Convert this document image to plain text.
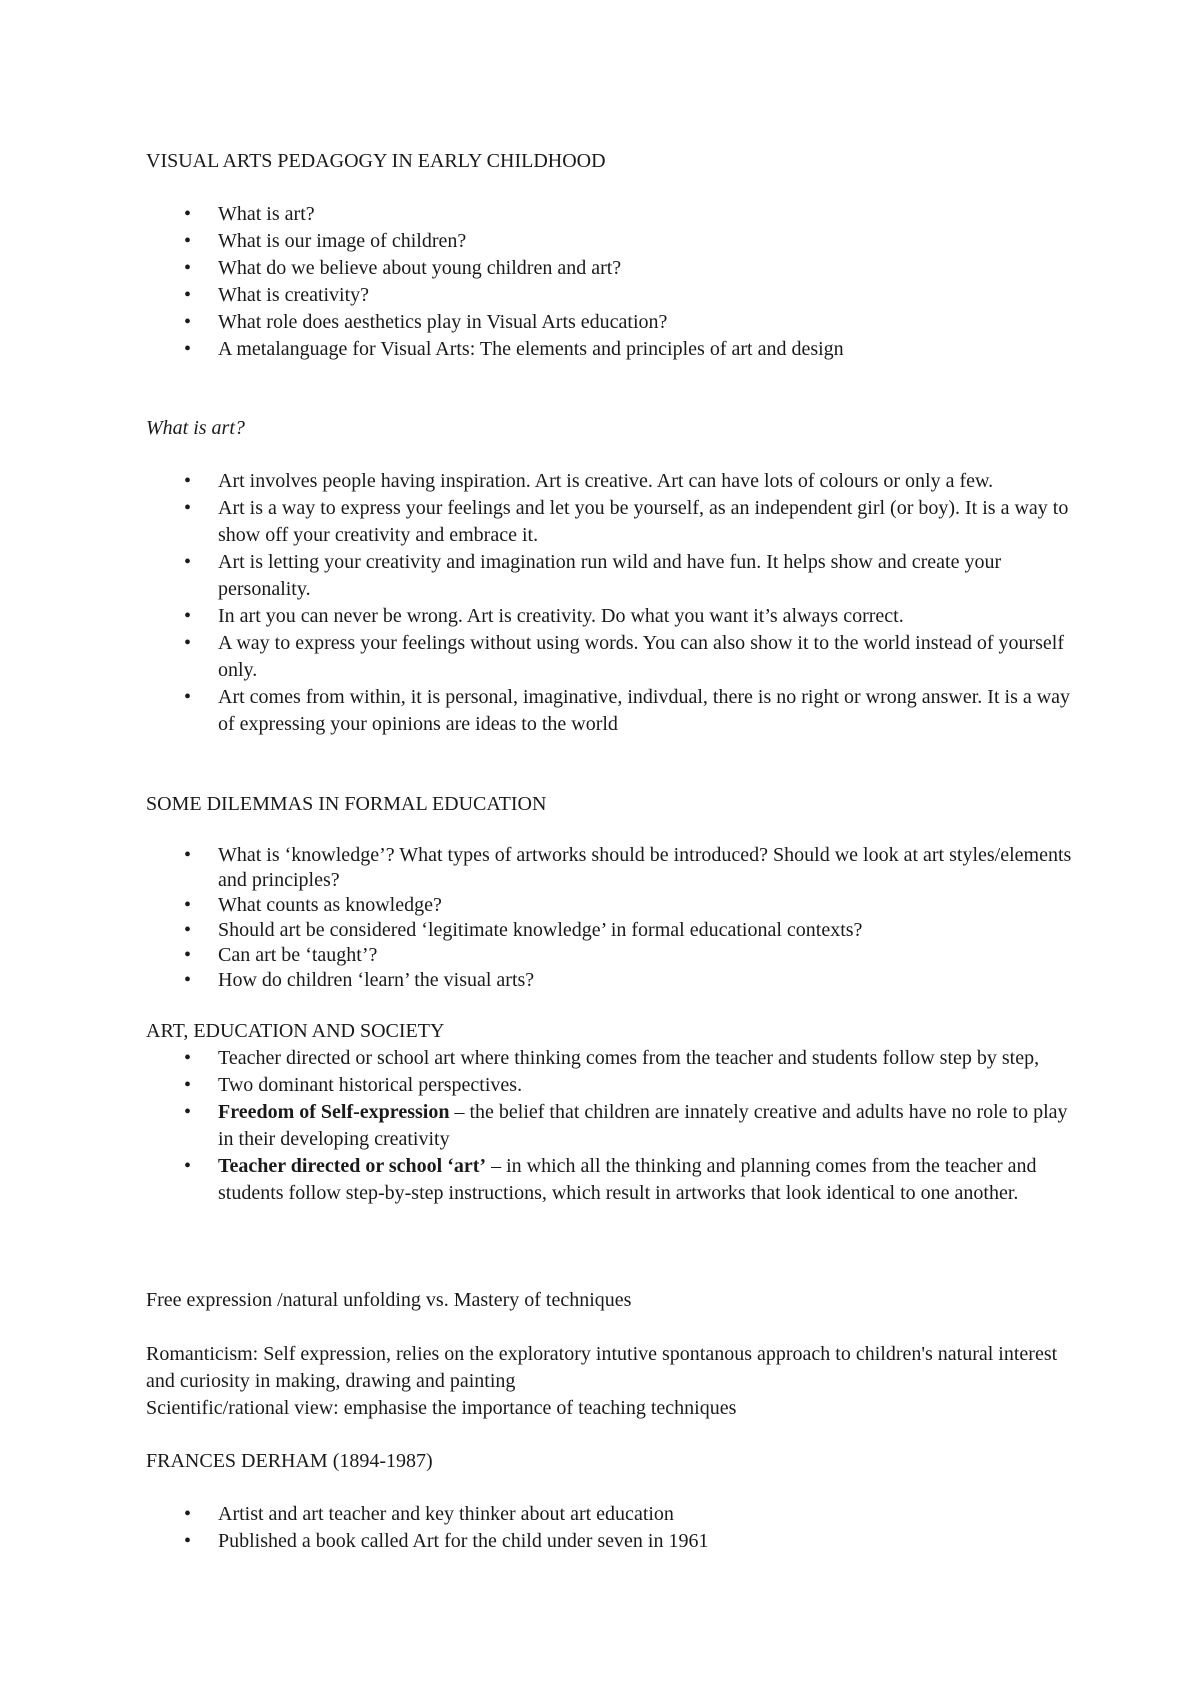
VISUAL ARTS PEDAGOGY IN EARLY CHILDHOOD

• What is art?
• What is our image of children?
• What do we believe about young children and art?
• What is creativity?
• What role does aesthetics play in Visual Arts education?
• A metalanguage for Visual Arts: The elements and principles of art and design

What is art?

• Art involves people having inspiration. Art is creative. Art can have lots of colours or only a few.
• Art is a way to express your feelings and let you be yourself, as an independent girl (or boy). It is a way to show off your creativity and embrace it.
• Art is letting your creativity and imagination run wild and have fun. It helps show and create your personality.
• In art you can never be wrong. Art is creativity. Do what you want it’s always correct.
• A way to express your feelings without using words. You can also show it to the world instead of yourself only.
• Art comes from within, it is personal, imaginative, indivdual, there is no right or wrong answer. It is a way of expressing your opinions are ideas to the world

SOME DILEMMAS IN FORMAL EDUCATION

• What is ‘knowledge’? What types of artworks should be introduced? Should we look at art styles/elements and principles?
• What counts as knowledge?
• Should art be considered ‘legitimate knowledge’ in formal educational contexts?
• Can art be ‘taught’?
• How do children ‘learn’ the visual arts?

ART, EDUCATION AND SOCIETY

• Teacher directed or school art where thinking comes from the teacher and students follow step by step,
• Two dominant historical perspectives.
• Freedom of Self-expression – the belief that children are innately creative and adults have no role to play in their developing creativity
• Teacher directed or school ‘art’ – in which all the thinking and planning comes from the teacher and students follow step-by-step instructions, which result in artworks that look identical to one another.

Free expression /natural unfolding vs. Mastery of techniques

Romanticism: Self expression, relies on the exploratory intutive spontanous approach to children's natural interest and curiosity in making, drawing and painting

Scientific/rational view: emphasise the importance of teaching techniques

FRANCES DERHAM (1894-1987)

• Artist and art teacher and key thinker about art education
• Published a book called Art for the child under seven in 1961
